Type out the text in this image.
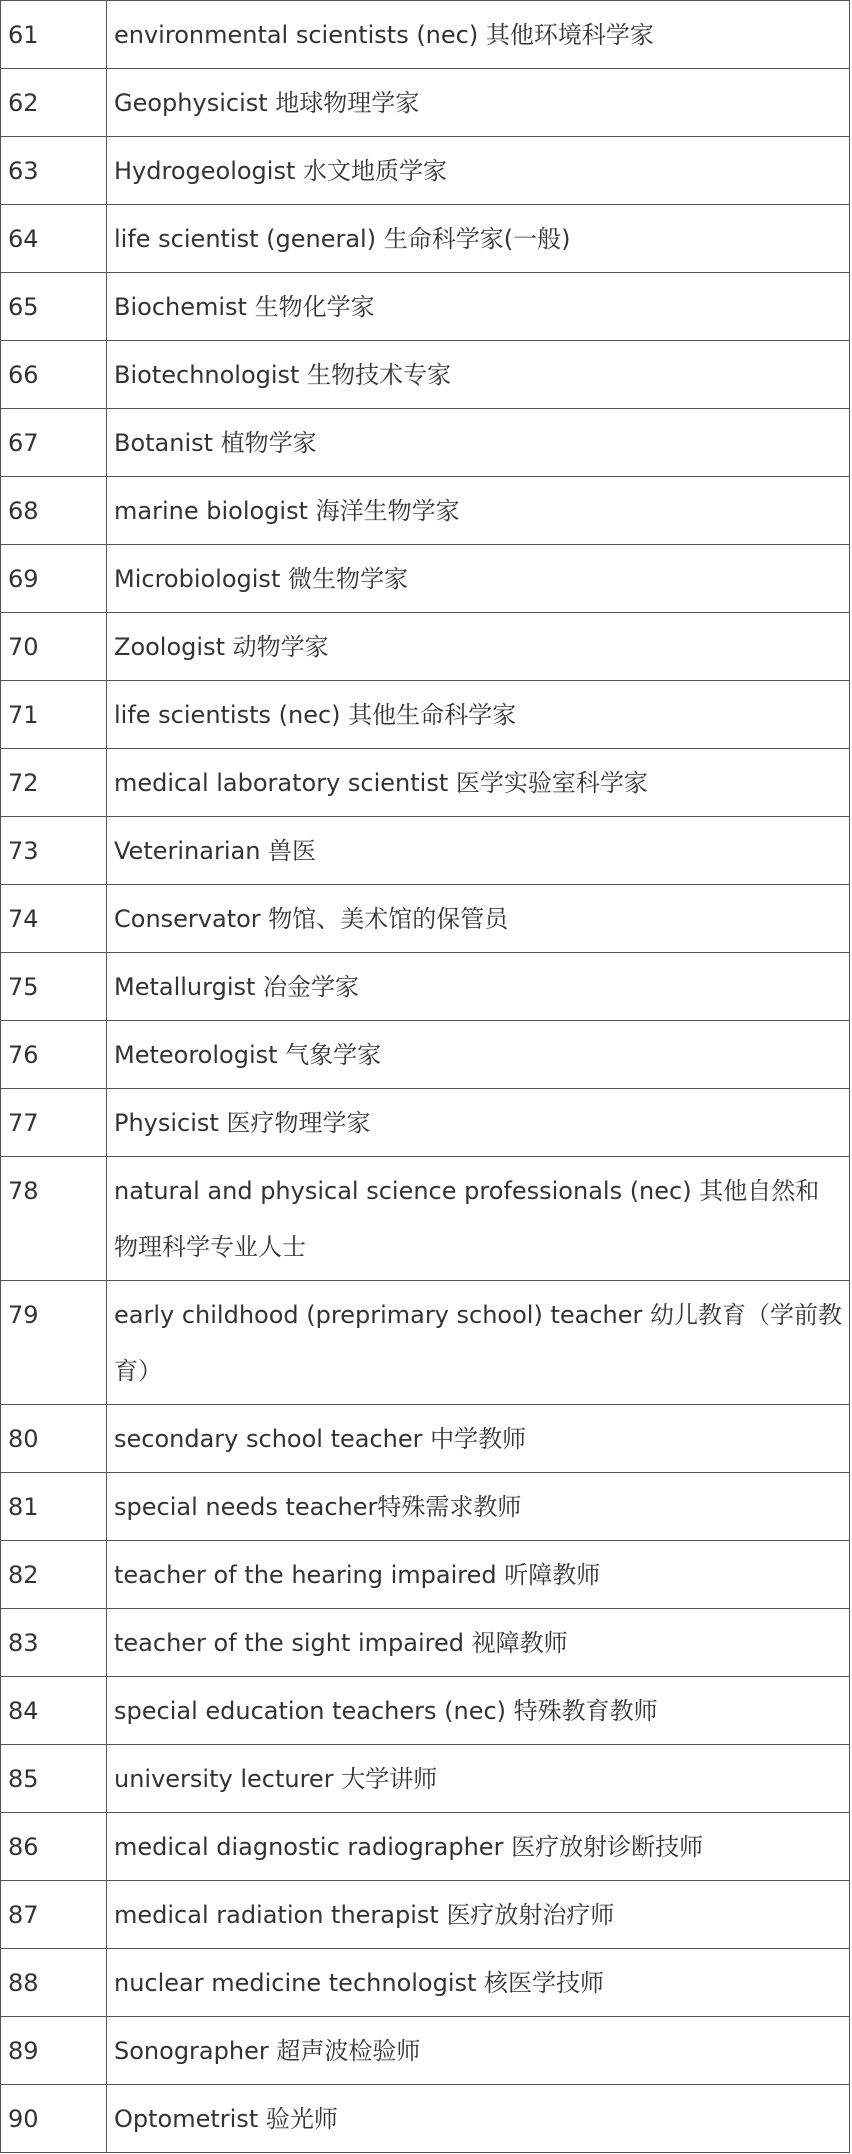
61	environmental scientists (nec) 其他环境科学家
62	Geophysicist 地球物理学家
63	Hydrogeologist 水文地质学家
64	life scientist (general) 生命科学家(一般)
65	Biochemist 生物化学家
66	Biotechnologist 生物技术专家
67	Botanist 植物学家
68	marine biologist 海洋生物学家
69	Microbiologist 微生物学家
70	Zoologist 动物学家
71	life scientists (nec) 其他生命科学家
72	medical laboratory scientist 医学实验室科学家
73	Veterinarian 兽医
74	Conservator 物馆、美术馆的保管员
75	Metallurgist 冶金学家
76	Meteorologist 气象学家
77	Physicist 医疗物理学家
78	natural and physical science professionals (nec) 其他自然和物理科学专业人士
79	early childhood (preprimary school) teacher 幼儿教育（学前教育）
80	secondary school teacher 中学教师
81	special needs teacher特殊需求教师
82	teacher of the hearing impaired 听障教师
83	teacher of the sight impaired 视障教师
84	special education teachers (nec) 特殊教育教师
85	university lecturer 大学讲师
86	medical diagnostic radiographer 医疗放射诊断技师
87	medical radiation therapist 医疗放射治疗师
88	nuclear medicine technologist 核医学技师
89	Sonographer 超声波检验师
90	Optometrist 验光师
